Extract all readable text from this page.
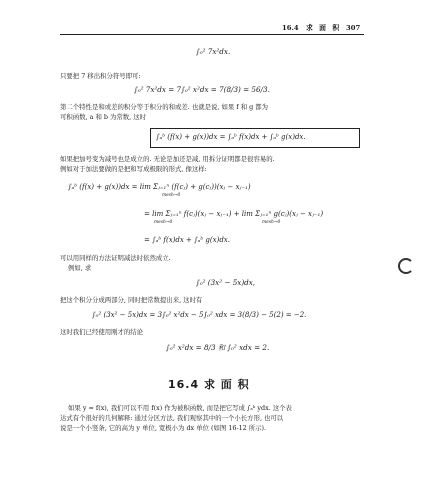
16.4 求 面 积 307
∫₀² 7x²dx.
只要把 7 移出积分符号即可:
∫₀² 7x²dx = 7∫₀² x²dx = 7(8/3) = 56/3.
第二个特性是和或差的积分等于积分的和或差. 也就是说, 如果 f 和 g 都为
可积函数, a 和 b 为常数, 这时
∫ₐᵇ (f(x) + g(x))dx = ∫ₐᵇ f(x)dx + ∫ₐᵇ g(x)dx.
如果把加号变为减号也是成立的. 无论是加还是减, 用拆分证明都是很容易的.
例如对于加法要做的是把和写成极限的形式, 像这样:
∫ₐᵇ (f(x) + g(x))dx = lim Σⱼ₌₁ⁿ (f(cⱼ) + g(cⱼ))(xⱼ − xⱼ₋₁)
mesh→0
= lim Σⱼ₌₁ⁿ f(cⱼ)(xⱼ − xⱼ₋₁) + lim Σⱼ₌₁ⁿ g(cⱼ)(xⱼ − xⱼ₋₁)
mesh→0	mesh→0
= ∫ₐᵇ f(x)dx + ∫ₐᵇ g(x)dx.
可以用同样的方法证明减法时依然成立.
例如, 求
∫₀² (3x² − 5x)dx,
把这个积分分成两部分, 同时把常数提出来, 这时有
∫₀² (3x² − 5x)dx = 3∫₀² x²dx − 5∫₀² xdx = 3(8/3) − 5(2) = −2.
这时我们已经使用刚才的结论
∫₀² x²dx = 8/3 和 ∫₀² xdx = 2.
16.4 求 面 积
如果 y = f(x), 我们可以不用 f(x) 作为被积函数, 而是把它写成 ∫ₐᵇ ydx. 这个表
达式有个很好的几何解释: 通过分区方法, 我们观察其中的一个小长方形, 也可以
说是一个小竖条, 它的高为 y 单位, 宽极小为 dx 单位 (如图 16-12 所示).
